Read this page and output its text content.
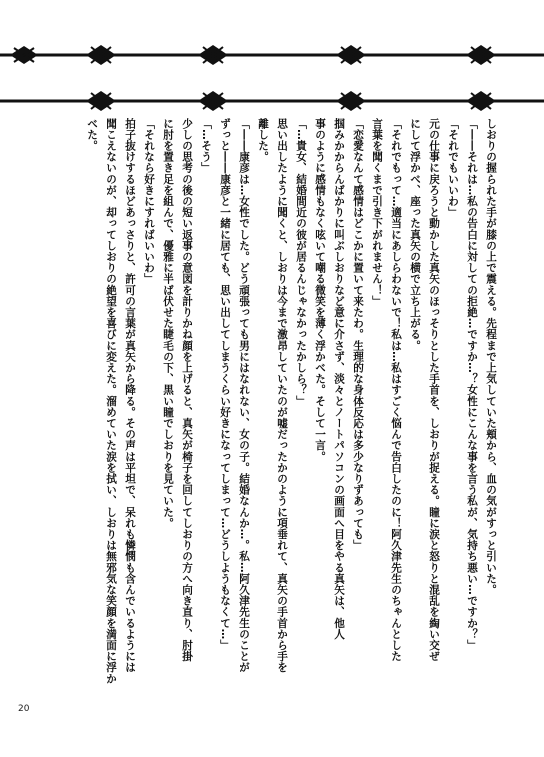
しおりの握られた手が膝の上で震える。先程まで上気していた頬から、血の気がすっと引いた。

「――それは…私の告白に対しての拒絶…ですか…？女性にこんな事を言う私が、気持ち悪い…ですか？」

「それでもいいわ」

元の仕事に戻ろうと動かした真矢のほっそりとした手首を、しおりが捉える。瞳に涙と怒りと混乱を綯い交ぜ

にして浮かべ、座った真矢の横で立ち上がる。

「それでもって…適当にあしらわないで！私は…私はすごく悩んで告白したのに！阿久津先生のちゃんとした

言葉を聞くまで引き下がれません！」

「恋愛なんて感情はどこかに置いて来たわ。生理的な身体反応は多少なりずあっても」

掴みかからんばかりに叫ぶしおりなど意に介さず、淡々とノートパソコンの画面へ目をやる真矢は、他人

事のように感情もなく呟いて嘲る微笑を薄く浮かべた。そして一言。

「…貴女、結婚間近の彼が居るんじゃなかったかしら？」

思い出したように聞くと、しおりは今まで激昂していたのが嘘だったかのように項垂れて、真矢の手首から手を

離した。

「――康彦は…女性でした。どう頑張っても男にはなれない、女の子。結婚なんか…。私…阿久津先生のことが

ずっと――康彦と一緒に居ても、思い出してしまうくらい好きになってしまって…どうしようもなくて…」

「…そう」

少しの思考の後の短い返事の意図を計りかね顔を上げると、真矢が椅子を回してしおりの方へ向き直り、肘掛

に肘を置き足を組んで、優雅に半ば伏せた睫毛の下、黒い瞳でしおりを見ていた。

「それなら好きにすればいいわ」

拍子抜けするほどあっさりと、許可の言葉が真矢から降る。その声は平坦で、呆れも憐憫も含んでいるようには

聞こえないのが、却ってしおりの絶望を喜びに変えた。溜めていた涙を拭い、しおりは無邪気な笑顔を満面に浮か

べた。

20
